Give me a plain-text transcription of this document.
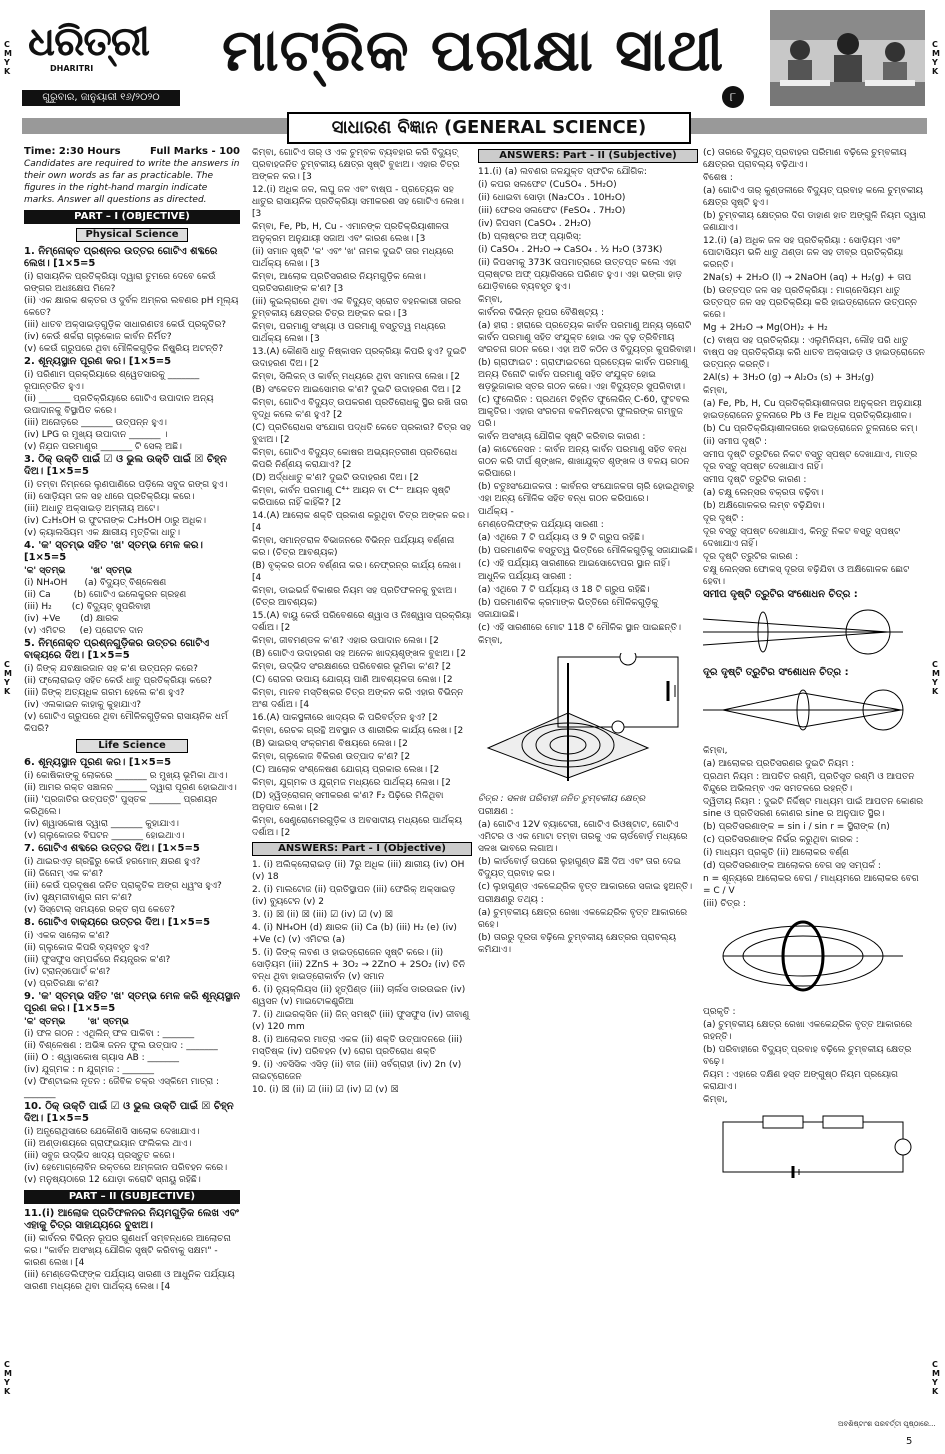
C
M
Y
K
C
M
Y
K
C
M
Y
K
C
M
Y
K
C
M
Y
K
C
M
Y
K
ଧରିତ୍ରୀ
DHARITRI
ଗୁରୁବାର, ଜାନୁୟାରୀ ୧୬/୨୦୨୦
ମାଟ୍ରିକ ପରୀକ୍ଷା ସାଥୀ
୮
ସାଧାରଣ ବିଜ୍ଞାନ (GENERAL SCIENCE)
Time: 2:30 Hours	Full Marks - 100
Candidates are required to write the answers in their own words as far as practicable. The figures in the right-hand margin indicate marks. Answer all questions as directed.
PART – I (OBJECTIVE)
Physical Science
1. ନିମ୍ନୋକ୍ତ ପ୍ରଶ୍ନର ଉତ୍ତର ଗୋଟିଏ ଶବ୍ଦରେ ଲେଖ। [1×5=5
(i) ରାସାୟନିକ ପ୍ରତିକ୍ରିୟା ଦ୍ୱାରା ତୁମରେ ଦେବେ କେଉଁ ରଙ୍ଗର ଅଧଃକ୍ଷେପ ମିଳେ?
(ii) ଏକ କ୍ଷାରକ ଶକ୍ତର ଓ ଦୁର୍ବଳ ଅମ୍ଳର ଲବଣର pH ମୂଲ୍ୟ କେତେ?
(iii) ଧାତବ ଅକ୍ସାଇଡ଼ଗୁଡ଼ିକ ସାଧାରଣତଃ କେଉଁ ପ୍ରକୃତିର?
(iv) କେଉଁ ଶର୍କରା ଗ୍ଲୁକୋଜ କାର୍ବନ ନିର୍ମିତ?
(v) କେଉଁ ଗ୍ରୁପରେ ଥିବା ମୌଳିକଗୁଡ଼ିକ ନିଷ୍କ୍ରିୟ ଅଟନ୍ତି?
2. ଶୂନ୍ୟସ୍ଥାନ ପୂରଣ କର। [1×5=5
(i) ପରିଣାମ ପ୍ରକ୍ରିୟାରେ ଶ୍ୱେତସାରକୁ _______ ରୂପାନ୍ତରିତ ହୁଏ।
(ii) _______ ପ୍ରତିକ୍ରିୟାରେ ଗୋଟିଏ ଉପାଦାନ ଅନ୍ୟ ଉପାଦାନକୁ ବିସ୍ଥାପିତ କରେ।
(iii) ଅନୋଡ଼ରେ _______ ଉତ୍ପନ୍ନ ହୁଏ।
(iv) LPG ର ମୁଖ୍ୟ ଉପାଦାନ _______ ।
(v) ନିଯ଼ନ ପରମାଣୁର _______ ଟି ସେଲ୍ ଅଛି।
3. ଠିକ୍ ଉକ୍ତି ପାଇଁ ☑ ଓ ଭୁଲ ଉକ୍ତି ପାଇଁ ☒ ଚିହ୍ନ ଦିଅ। [1×5=5
(i) ତମ୍ବା ନିମ୍ନରେ ଲୁଣପାଣିରେ ପଡ଼ିଲେ ସବୁଜ ରଙ୍ଗ ହୁଏ।
(ii) ସୋଡ଼ିୟମ ଜଳ ସହ ଧୀରେ ପ୍ରତିକ୍ରିୟା କରେ।
(iii) ଅଧାତୁ ଅକ୍ସାଇଡ଼ ଅମ୍ଳୀୟ ଅଟେ।
(iv) C₂H₅OH ର ଫୁଟନାଙ୍କ C₂H₅OH ଠାରୁ ଅଧିକ।
(v) କ୍ୟାଲସିୟମ ଏକ କ୍ଷାରୀୟ ମୃତ୍ତିକା ଧାତୁ।
4. 'କ' ସ୍ତମ୍ଭ ସହିତ 'ଖ' ସ୍ତମ୍ଭ ମେଳ କର। [1×5=5
'କ' ସ୍ତମ୍ଭ        'ଖ' ସ୍ତମ୍ଭ
(i) NH₄OH      (a) ବିଦ୍ୟୁତ୍ ବିଶ୍ଳେଷଣ
(ii) Ca        (b) ଗୋଟିଏ ଇଲେକ୍ଟ୍ରନ ଗ୍ରହଣ
(iii) H₂       (c) ବିଦ୍ୟୁତ୍ ସୁପରିବାହୀ
(iv) +Ve       (d) କ୍ଷାରକ
(v) ଏମିଟର     (e) ପ୍ରୋଟନ ଦାନ
5. ନିମ୍ନୋକ୍ତ ପ୍ରଶ୍ନଗୁଡ଼ିକର ଉତ୍ତର ଗୋଟିଏ ବାକ୍ୟରେ ଦିଅ। [1×5=5
(i) ଜିଙ୍କ୍ ଯବକ୍ଷାରଜାନ ସହ କ'ଣ ଉତ୍ପନ୍ନ କରେ?
(ii) ଫ୍ଲୋରାଇଡ଼ ସହିତ କେଉଁ ଧାତୁ ପ୍ରତିକ୍ରିୟା କରେ?
(iii) ଜିଙ୍କ୍ ଅତ୍ୟଧିକ ଗରମ ହେଲେ କ'ଣ ହୁଏ?
(iv) ଏଲକାଇନ କାହାକୁ କୁହାଯାଏ?
(v) ଗୋଟିଏ ଗ୍ରୁପରେ ଥିବା ମୌଳିକଗୁଡ଼ିକର ରାସାୟନିକ ଧର୍ମ କିପରି?
Life Science
6. ଶୂନ୍ୟସ୍ଥାନ ପୂରଣ କର। [1×5=5
(i) କୋଷିକାଙ୍କୁ ଲୋକରେ _______ ର ମୁଖ୍ୟ ଭୂମିକା ଥାଏ।
(ii) ଆମର ରକ୍ତ ସଞ୍ଚାଳନ _______ ଦ୍ୱାରା ପୂରଣ ହୋଇଥାଏ।
(iii) 'ପ୍ରଜାତିର ଉତ୍ପତ୍ତି' ପୁସ୍ତକ _______ ପ୍ରଣୟନ କରିଥିଲେ।
(iv) ଶ୍ୱାସକୋଷ ଦ୍ୱାରା _______ କୁହାଯାଏ।
(v) ଗ୍ଲୁକୋଜର ବିଘଟନ _______ ହୋଇଥାଏ।
7. ଗୋଟିଏ ଶବ୍ଦରେ ଉତ୍ତର ଦିଅ। [1×5=5
(i) ଥାଇରଏଡ଼ ଗ୍ରନ୍ଥିରୁ କେଉଁ ହରମୋନ୍ କ୍ଷରଣ ହୁଏ?
(ii) ଜିନୋମ୍ ଏକ କ'ଣ?
(iii) କେଉଁ ପ୍ରଦୂଷଣ ଜନିତ ପ୍ରାକୃତିକ ଅଙ୍ଗ ଧ୍ୱଂସ ହୁଏ?
(iv) ସୁକ୍ଷ୍ମଜୀବାଣୁର ନାମ କ'ଣ?
(v) ସିସ୍ଟୋଲ୍ ସମୟରେ ରକ୍ତ ଚାପ କେତେ?
8. ଗୋଟିଏ ବାକ୍ୟରେ ଉତ୍ତର ଦିଅ। [1×5=5
(i) ଏକକ ସାଲୋକ କ'ଣ?
(ii) ଗ୍ଲୁକୋଜ କିପରି ବ୍ୟବହୃତ ହୁଏ?
(iii) ଫୁସଫୁସ ସମ୍ପର୍କରେ ନିୟନ୍ତ୍ରକ କ'ଣ?
(iv) ଟ୍ରାନ୍ସପୋର୍ଟ କ'ଣ?
(v) ପ୍ରତିରକ୍ଷା କ'ଣ?
9. 'କ' ସ୍ତମ୍ଭ ସହିତ 'ଖ' ସ୍ତମ୍ଭ ମେଳ କରି ଶୂନ୍ୟସ୍ଥାନ ପୂରଣ କର। [1×5=5
'କ' ସ୍ତମ୍ଭ       'ଖ' ସ୍ତମ୍ଭ
(i) ଫଳ ଗଠନ : ଏଥିଲିନ୍ ଫଳ ପାକିବା : _______
(ii) ବିଶ୍ଳେଷଣ : ଅଭିଜ୍ଞ ଜନନ ଫୁଲ ଉତ୍ପାଦ : _______
(iii) O : ଶ୍ୱାସକୋଷ ଗ୍ୟାସ AB : _______
(iv) ଯୁଗ୍ମକ : n ଯୁଗ୍ମଜ : _______
(v) ଫିଣ୍ଟାଇଲ ନୂତନ : ଜୈବିକ ଚକ୍ର ଏସ୍କିମେ ମାତ୍ରା : _______
10. ଠିକ୍ ଉକ୍ତି ପାଇଁ ☑ ଓ ଭୁଲ ଉକ୍ତି ପାଇଁ ☒ ଚିହ୍ନ ଦିଅ। [1×5=5
(i) ଅନ୍ଧ୍ରୋଥିସାରେ ଯେକୌଣସି ସାଲୋକ ଦେଖାଯାଏ।
(ii) ଅଣ୍ଡାଶୟରେ ଗ୍ରାଫ୍ଇୟାନ ଫଲିକଲ ଥାଏ।
(iii) ସବୁଜ ଉଦ୍ଭିଦ ଖାଦ୍ୟ ପ୍ରସ୍ତୁତ କରେ।
(iv) ହେମୋଗ୍ଲୋବିନ ରକ୍ତରେ ଅମ୍ଳଜାନ ପରିବହନ କରେ।
(v) ମନୁଷ୍ୟଠାରେ 12 ଯୋଡ଼ା କରୋଟି ସ୍ନାୟୁ ରହିଛି।
PART – II (SUBJECTIVE)
11.(i) ଆଲୋକ ପ୍ରତିଫଳନର ନିୟମଗୁଡ଼ିକ ଲେଖ ଏବଂ ଏହାକୁ ଚିତ୍ର ସାହାଯ୍ୟରେ ବୁଝାଅ।
(ii) କାର୍ବନର ବିଭିନ୍ନ ରୂପର ଗୁଣଧର୍ମ ସମ୍ବନ୍ଧରେ ଆଲୋଚନା କର। "କାର୍ବନ ଅସଂଖ୍ୟ ଯୌଗିକ ସୃଷ୍ଟି କରିବାକୁ ସକ୍ଷମ" - କାରଣ ଲେଖ। [4
(iii) ମେଣ୍ଡେଲିଫ୍ଙ୍କ ପର୍ଯ୍ୟାୟ ସାରଣୀ ଓ ଆଧୁନିକ ପର୍ଯ୍ୟାୟ ସାରଣୀ ମଧ୍ୟରେ ଥିବା ପାର୍ଥକ୍ୟ ଲେଖ। [4
କିମ୍ବା, ଗୋଟିଏ ତାର୍ ଓ ଏକ ଚୁମ୍ବକ ବ୍ୟବହାର କରି ବିଦ୍ୟୁତ୍ ପ୍ରବାହଜନିତ ଚୁମ୍ବକୀୟ କ୍ଷେତ୍ର ସୃଷ୍ଟି ବୁଝାଅ। ଏହାର ଚିତ୍ର ଅଙ୍କନ କର। [3
12.(i) ଅଧିକ ଜଳ, ଲଘୁ ଜଳ ଏବଂ ବାଷ୍ପ - ପ୍ରତ୍ୟେକ ସହ ଧାତୁର ରାସାୟନିକ ପ୍ରତିକ୍ରିୟା ସମୀକରଣ ସହ ଗୋଟିଏ ଲେଖ। [3
କିମ୍ବା, Fe, Pb, H, Cu - ଏମାନଙ୍କ ପ୍ରତିକ୍ରିୟାଶୀଳତା ଅନୁକ୍ରମ ଅନୁଯାୟୀ ସଜାଅ ଏବଂ କାରଣ ଲେଖ। [3
(ii) ସମାନ ସୃଷ୍ଟି 'କ' ଏବଂ 'ଖ' ନାମକ ଦୁଇଟି ତାର ମଧ୍ୟରେ ପାର୍ଥକ୍ୟ ଲେଖ। [3
କିମ୍ବା, ଆଲୋକ ପ୍ରତିସରଣର ନିୟମଗୁଡ଼ିକ ଲେଖ। ପ୍ରତିସରଣାଙ୍କ କ'ଣ? [3
(iii) କୁଇଲ୍ରାରେ ଥିବା ଏକ ବିଦ୍ୟୁତ୍ ସ୍ରୋତ ବହନକାରୀ ତାରର ଚୁମ୍ବକୀୟ କ୍ଷେତ୍ରର ଚିତ୍ର ଅଙ୍କନ କର। [3
କିମ୍ବା, ପରମାଣୁ ସଂଖ୍ୟା ଓ ପରମାଣୁ ବସ୍ତୁତ୍ୱ ମଧ୍ୟରେ ପାର୍ଥକ୍ୟ ଲେଖ। [3
13.(A) କୌଣସି ଧାତୁ ନିଷ୍କାସନ ପ୍ରକ୍ରିୟା କିପରି ହୁଏ? ଦୁଇଟି ଉଦାହରଣ ଦିଅ। [2
କିମ୍ବା, ସିଲିକନ୍ ଓ କାର୍ବନ୍ ମଧ୍ୟରେ ଥିବା ସମାନତା ଲେଖ। [2
(B) ସଂକେତନ ଆଇସୋମର କ'ଣ? ଦୁଇଟି ଉଦାହରଣ ଦିଅ। [2
କିମ୍ବା, ଗୋଟିଏ ବିଦ୍ୟୁତ୍ ଉପକରଣ ପ୍ରତିରୋଧକୁ ସ୍ଥିର ରଖି ତାର ବୃଦ୍ଧି କଲେ କ'ଣ ହୁଏ? [2
(C) ପ୍ରତିରୋଧର ସଂଯୋଗ ପଦ୍ଧତି କେତେ ପ୍ରକାର? ଚିତ୍ର ସହ ବୁଝାଅ। [2
କିମ୍ବା, ଗୋଟିଏ ବିଦ୍ୟୁତ୍ କୋଷର ଅଭ୍ୟନ୍ତରୀଣ ପ୍ରତିରୋଧ କିପରି ନିର୍ଣ୍ଣୟ କରାଯାଏ? [2
(D) ଅର୍ଦ୍ଧଧାତୁ କ'ଣ? ଦୁଇଟି ଉଦାହରଣ ଦିଅ। [2
କିମ୍ବା, କାର୍ବନ ପରମାଣୁ C⁴⁺ ଆୟନ ବା C⁴⁻ ଆୟନ ସୃଷ୍ଟି କରିପାରେ ନାହିଁ କାହିଁକି? [2
14.(A) ଆଲୋକ ଶକ୍ତି ପ୍ରକାଶ କରୁଥିବା ଚିତ୍ର ଅଙ୍କନ କର। [4
କିମ୍ବା, ସମାନ୍ତରାଳ ବିଭାଜନରେ ବିଭିନ୍ନ ପର୍ଯ୍ୟାୟ ବର୍ଣ୍ଣନା କର। (ଚିତ୍ର ଆବଶ୍ୟକ)
(B) ବୃକ୍କର ଗଠନ ବର୍ଣ୍ଣନା କର। ନେଫ୍ରନ୍ର କାର୍ଯ୍ୟ ଲେଖ। [4
କିମ୍ବା, ଡାଇଭର୍ଜ ବିକାଶର ନିୟମ ସହ ପ୍ରତିଫଳନକୁ ବୁଝାଅ। (ଚିତ୍ର ଆବଶ୍ୟକ)
15.(A) ବାୟୁ କେଉଁ ପରିବେଶରେ ଶ୍ୱାସ ଓ ନିଃଶ୍ୱାସ ପ୍ରକ୍ରିୟା ଦର୍ଶାଅ। [2
କିମ୍ବା, ଜୀବମଣ୍ଡଳ କ'ଣ? ଏହାର ଉପାଦାନ ଲେଖ। [2
(B) ଗୋଟିଏ ଉଦାହରଣ ସହ ଅନେକ ଖାଦ୍ୟଶୃଙ୍ଖଳ ବୁଝାଅ। [2
କିମ୍ବା, ଉଦ୍ଭିଦ ସଂରକ୍ଷଣରେ ପରିବେଶର ଭୂମିକା କ'ଣ? [2
(C) ରୋଜର ଉପାୟ ଯୋଗ୍ୟ ପାଣି ଆବଶ୍ୟକତା ଲେଖ। [2
କିମ୍ବା, ମାନବ ମସ୍ତିଷ୍କର ଚିତ୍ର ଅଙ୍କନ କରି ଏହାର ବିଭିନ୍ନ ଅଂଶ ଦର୍ଶାଅ। [4
16.(A) ପାକସ୍ଥଳୀରେ ଖାଦ୍ୟର କି ପରିବର୍ତ୍ତନ ହୁଏ? [2
କିମ୍ବା, ରେଚକ ଗ୍ରନ୍ଥି ଅବସ୍ଥାନ ଓ ଶାରୀରିକ କାର୍ଯ୍ୟ ଲେଖ। [2
(B) ଭାଇରସ୍ ସଂକ୍ରମଣ ବିଷୟରେ ଲେଖ। [2
କିମ୍ବା, ଗ୍ଲୁକୋଜ ବିକିରଣ ଉତ୍ପାଦ କ'ଣ? [2
(C) ଆଲୋକ ସଂଶ୍ଳେଷଣ ଯୋଗ୍ୟ ପ୍ରକାର ଲେଖ। [2
କିମ୍ବା, ଯୁଗ୍ମକ ଓ ଯୁଗ୍ମଜ ମଧ୍ୟରେ ପାର୍ଥକ୍ୟ ଲେଖ। [2
(D) ହ୍ୱିଡ୍ରୋଗନ୍ ସମୀକରଣ କ'ଣ? F₂ ପିଢ଼ିରେ ମିଳିଥିବା ଅନୁପାତ ଲେଖ। [2
କିମ୍ବା, ସେଣ୍ଟ୍ରୋମେରଗୁଡ଼ିକ ଓ ଅବସାଦୀୟ ମଧ୍ୟରେ ପାର୍ଥକ୍ୟ ଦର୍ଶାଅ। [2
ANSWERS: Part - I (Objective)
1. (i) ଅଲିକ୍ଲୋରାଇଡ଼ (ii) 7ରୁ ଅଧିକ (iii) କ୍ଷାରୀୟ (iv) OH (v) 18
2. (i) ମାଲଟୋଜ (ii) ପ୍ରତିସ୍ଥାପନ (iii) ଫେରିକ୍ ଅକ୍ସାଇଡ଼ (iv) ବ୍ୟୁଟେନ (v) 2
3. (i) ☒ (ii) ☒ (iii) ☑ (iv) ☑ (v) ☒
4. (i) NH₄OH (d) କ୍ଷାରକ (ii) Ca (b) (iii) H₂ (e) (iv) +Ve (c) (v) ଏମିଟର (a)
5. (i) ଜିଙ୍କ୍ ଲବଣ ଓ ହାଇଡ୍ରୋଜେନ ସୃଷ୍ଟି କରେ। (ii) ସୋଡ଼ିୟମ (iii) 2ZnS + 3O₂ → 2ZnO + 2SO₂ (iv) ତିନି ବନ୍ଧ ଥିବା ହାଇଡ୍ରୋକାର୍ବନ (v) ସମାନ
6. (i) ନ୍ୟୁକ୍ଲିୟସ (ii) ହୃତ୍ପିଣ୍ଡ (iii) ଚାର୍ଲସ ଡାରଉଇନ (iv) ଶ୍ୱସନ (v) ମାଇଟୋକଣ୍ଡ୍ରିଆ
7. (i) ଥାଇରକ୍ସିନ (ii) ଜିନ୍ ସମଷ୍ଟି (iii) ଫୁସଫୁସ (iv) ଜୀବାଣୁ (v) 120 mm
8. (i) ଆଲୋକର ମାତ୍ରା ଏକକ (ii) ଶକ୍ତି ଉତ୍ପାଦନରେ (iii) ମସ୍ତିଷ୍କ (iv) ପରିବହନ (v) ରୋଗ ପ୍ରତିରୋଧ ଶକ୍ତି
9. (i) ଏବସିସିକ ଏସିଡ଼ (ii) ବୀଜ (iii) ସର୍ବଗ୍ରାହୀ (iv) 2n (v) ନାଇଟ୍ରୋଜେନ
10. (i) ☒ (ii) ☑ (iii) ☑ (iv) ☑ (v) ☒
ANSWERS: Part - II (Subjective)
11.(i) (a) ଲବଣର ଜଳଯୁକ୍ତ ସ୍ଫଟିକ ଯୌଗିକ:
(i) କପର ସଲଫେଟ (CuSO₄ . 5H₂O)
(ii) ଧୋଇବା ସୋଡ଼ା (Na₂CO₃ . 10H₂O)
(iii) ଫେରସ ସଲଫେଟ (FeSO₄ . 7H₂O)
(iv) ଜିପସମ (CaSO₄ . 2H₂O)
(b) ପ୍ଲାଷ୍ଟର ଅଫ୍ ପ୍ୟାରିସ୍:
(i) CaSO₄ . 2H₂O → CaSO₄ . ½ H₂O (373K)
(ii) ଜିପସମକୁ 373K ତାପମାତ୍ରାରେ ଉତ୍ତପ୍ତ କଲେ ଏହା ପ୍ଲାଷ୍ଟର ଅଫ୍ ପ୍ୟାରିସରେ ପରିଣତ ହୁଏ। ଏହା ଭଙ୍ଗା ହାଡ଼ ଯୋଡ଼ିବାରେ ବ୍ୟବହୃତ ହୁଏ।
କିମ୍ବା,
କାର୍ବନର ବିଭିନ୍ନ ରୂପର ବୈଶିଷ୍ଟ୍ୟ :
(a) ହୀରା : ହୀରାରେ ପ୍ରତ୍ୟେକ କାର୍ବନ ପରମାଣୁ ଅନ୍ୟ ଚାରୋଟି କାର୍ବନ ପରମାଣୁ ସହିତ ସଂଯୁକ୍ତ ହୋଇ ଏକ ଦୃଢ଼ ତ୍ରିବିମୀୟ ସଂରଚନା ଗଠନ କରେ। ଏହା ଅତି କଠିନ ଓ ବିଦ୍ୟୁତ୍ର କୁପରିବାହୀ।
(b) ଗ୍ରାଫାଇଟ : ଗ୍ରାଫାଇଟରେ ପ୍ରତ୍ୟେକ କାର୍ବନ ପରମାଣୁ ଅନ୍ୟ ତିନୋଟି କାର୍ବନ ପରମାଣୁ ସହିତ ସଂଯୁକ୍ତ ହୋଇ ଷଡ଼ଭୁଜାକାର ସ୍ତର ଗଠନ କରେ। ଏହା ବିଦ୍ୟୁତ୍ର ସୁପରିବାହୀ।
(c) ଫୁଲେରିନ : ପ୍ରଥମେ ଚିହ୍ନିତ ଫୁଲେରିନ୍ C-60, ଫୁଟବଲ ଆକୃତିର। ଏହାର ସଂରଚନା ବକମିନଷ୍ଟର ଫୁଲରଙ୍କ ଗମ୍ବୁଜ ପରି।
କାର୍ବନ ଅସଂଖ୍ୟ ଯୌଗିକ ସୃଷ୍ଟି କରିବାର କାରଣ :
(a) କାଟେନେସନ : କାର୍ବନ ଅନ୍ୟ କାର୍ବନ ପରମାଣୁ ସହିତ ବନ୍ଧ ଗଠନ କରି ଦୀର୍ଘ ଶୃଙ୍ଖଳ, ଶାଖାଯୁକ୍ତ ଶୃଙ୍ଖଳ ଓ ବଳୟ ଗଠନ କରିପାରେ।
(b) ଚତୁଃସଂଯୋଜକତା : କାର୍ବନର ସଂଯୋଜକତା ଚାରି ହୋଇଥିବାରୁ ଏହା ଅନ୍ୟ ମୌଳିକ ସହିତ ବନ୍ଧ ଗଠନ କରିପାରେ।
ପାର୍ଥକ୍ୟ -
ମେଣ୍ଡେଲିଫ୍ଙ୍କ ପର୍ଯ୍ୟାୟ ସାରଣୀ :
(a) ଏଥିରେ 7 ଟି ପର୍ଯ୍ୟାୟ ଓ 9 ଟି ଗ୍ରୁପ ରହିଛି।
(b) ପରମାଣବିକ ବସ୍ତୁତ୍ୱ ଭିତ୍ତିରେ ମୌଳିକଗୁଡ଼ିକୁ ସଜାଯାଇଛି।
(c) ଏହି ପର୍ଯ୍ୟାୟ ସାରଣୀରେ ଆଇସୋଟୋପର ସ୍ଥାନ ନାହିଁ।
ଆଧୁନିକ ପର୍ଯ୍ୟାୟ ସାରଣୀ :
(a) ଏଥିରେ 7 ଟି ପର୍ଯ୍ୟାୟ ଓ 18 ଟି ଗ୍ରୁପ ରହିଛି।
(b) ପରମାଣବିକ କ୍ରମାଙ୍କ ଭିତ୍ତିରେ ମୌଳିକଗୁଡ଼ିକୁ ସଜାଯାଇଛି।
(c) ଏହି ସାରଣୀରେ ମୋଟ 118 ଟି ମୌଳିକ ସ୍ଥାନ ପାଇଛନ୍ତି।
କିମ୍ବା,
ଚିତ୍ର : ସଳଖ ପରିବାହୀ ଜନିତ ଚୁମ୍ବକୀୟ କ୍ଷେତ୍ର
ପରୀକ୍ଷଣ :
(a) ଗୋଟିଏ 12V ବ୍ୟାଟେରୀ, ଗୋଟିଏ ରିଓଷ୍ଟାଟ, ଗୋଟିଏ ଏମିଟର ଓ ଏକ ମୋଟା ତମ୍ବା ତାରକୁ ଏକ ଚାର୍ଡବୋର୍ଡ଼ ମଧ୍ୟରେ ସଳଖ ଭାବରେ ଲଗାଅ।
(b) କାର୍ଡବୋର୍ଡ଼ ଉପରେ ଲୁହାଗୁଣ୍ଡ ଛିଞ୍ଚି ଦିଅ ଏବଂ ତାର ଦେଇ ବିଦ୍ୟୁତ୍ ପ୍ରବାହ କର।
(c) ଲୁହାଗୁଣ୍ଡ ଏକକେନ୍ଦ୍ରିକ ବୃତ୍ତ ଆକାରରେ ସଜାଇ ହୁଅନ୍ତି।
ପରୀକ୍ଷଣରୁ ତଥ୍ୟ :
(a) ଚୁମ୍ବକୀୟ କ୍ଷେତ୍ର ରେଖା ଏକକେନ୍ଦ୍ରିକ ବୃତ୍ତ ଆକାରରେ ରହେ।
(b) ତାରରୁ ଦୂରତା ବଢ଼ିଲେ ଚୁମ୍ବକୀୟ କ୍ଷେତ୍ରର ପ୍ରାବଲ୍ୟ କମିଯାଏ।
(c) ତାରରେ ବିଦ୍ୟୁତ୍ ପ୍ରବାହର ପରିମାଣ ବଢ଼ିଲେ ଚୁମ୍ବକୀୟ କ୍ଷେତ୍ରର ପ୍ରାବଲ୍ୟ ବଢ଼ିଥାଏ।
ବିଶେଷ :
(a) ଗୋଟିଏ ତାର୍ କୁଣ୍ଡଳୀରେ ବିଦ୍ୟୁତ୍ ପ୍ରବାହ କଲେ ଚୁମ୍ବକୀୟ କ୍ଷେତ୍ର ସୃଷ୍ଟି ହୁଏ।
(b) ଚୁମ୍ବକୀୟ କ୍ଷେତ୍ରର ଦିଗ ଡାହାଣ ହାତ ଅଙ୍ଗୁଳି ନିୟମ ଦ୍ୱାରା ଜଣାଯାଏ।
12.(i) (a) ଅଧିକ ଜଳ ସହ ପ୍ରତିକ୍ରିୟା : ସୋଡ଼ିୟମ ଏବଂ ପୋଟାସିୟମ ଭଳି ଧାତୁ ଥଣ୍ଡା ଜଳ ସହ ତୀବ୍ର ପ୍ରତିକ୍ରିୟା କରନ୍ତି।
2Na(s) + 2H₂O (l) → 2NaOH (aq) + H₂(g) + ତାପ
(b) ଉତ୍ତପ୍ତ ଜଳ ସହ ପ୍ରତିକ୍ରିୟା : ମାଗ୍ନେସିୟମ ଧାତୁ ଉତ୍ତପ୍ତ ଜଳ ସହ ପ୍ରତିକ୍ରିୟା କରି ହାଇଡ୍ରୋଜେନ ଉତ୍ପନ୍ନ କରେ।
Mg + 2H₂O → Mg(OH)₂ + H₂
(c) ବାଷ୍ପ ସହ ପ୍ରତିକ୍ରିୟା : ଏଲୁମିନିୟମ, ଲୌହ ପରି ଧାତୁ ବାଷ୍ପ ସହ ପ୍ରତିକ୍ରିୟା କରି ଧାତବ ଅକ୍ସାଇଡ଼ ଓ ହାଇଡ୍ରୋଜେନ ଉତ୍ପନ୍ନ କରନ୍ତି।
2Al(s) + 3H₂O (g) → Al₂O₃ (s) + 3H₂(g)
କିମ୍ବା,
(a) Fe, Pb, H, Cu ପ୍ରତିକ୍ରିୟାଶୀଳତାର ଅନୁକ୍ରମ ଅନୁଯାୟୀ ହାଇଡ୍ରୋଜେନ ତୁଳନାରେ Pb ଓ Fe ଅଧିକ ପ୍ରତିକ୍ରିୟାଶୀଳ।
(b) Cu ପ୍ରତିକ୍ରିୟାଶୀଳତାରେ ହାଇଡ୍ରୋଜେନ ତୁଳନାରେ କମ୍।
(ii) ସମୀପ ଦୃଷ୍ଟି :
ସମୀପ ଦୃଷ୍ଟି ତ୍ରୁଟିରେ ନିକଟ ବସ୍ତୁ ସ୍ପଷ୍ଟ ଦେଖାଯାଏ, ମାତ୍ର ଦୂର ବସ୍ତୁ ସ୍ପଷ୍ଟ ଦେଖାଯାଏ ନାହିଁ।
ସମୀପ ଦୃଷ୍ଟି ତ୍ରୁଟିର କାରଣ :
(a) ଚକ୍ଷୁ ଲେନ୍ସର ବକ୍ରତା ବଢ଼ିବା।
(b) ଅକ୍ଷିଗୋଳକର ଲମ୍ବ ବଢ଼ିଯିବା।
ଦୂର ଦୃଷ୍ଟି :
ଦୂର ବସ୍ତୁ ସ୍ପଷ୍ଟ ଦେଖାଯାଏ, କିନ୍ତୁ ନିକଟ ବସ୍ତୁ ସ୍ପଷ୍ଟ ଦେଖାଯାଏ ନାହିଁ।
ଦୂର ଦୃଷ୍ଟି ତ୍ରୁଟିର କାରଣ :
ଚକ୍ଷୁ ଲେନ୍ସର ଫୋକସ୍ ଦୂରତା ବଢ଼ିଯିବା ଓ ଅକ୍ଷିଗୋଳକ ଛୋଟ ହେବା।
ସମୀପ ଦୃଷ୍ଟି ତ୍ରୁଟିର ସଂଶୋଧନ ଚିତ୍ର :
ଦୂର ଦୃଷ୍ଟି ତ୍ରୁଟିର ସଂଶୋଧନ ଚିତ୍ର :
କିମ୍ବା,
(a) ଆଲୋକର ପ୍ରତିସରଣର ଦୁଇଟି ନିୟମ :
ପ୍ରଥମ ନିୟମ : ଆପତିତ ରଶ୍ମି, ପ୍ରତିସୃତ ରଶ୍ମି ଓ ଆପତନ ବିନ୍ଦୁରେ ଅଭିଲମ୍ବ ଏକ ସମତଳରେ ରହନ୍ତି।
ଦ୍ୱିତୀୟ ନିୟମ : ଦୁଇଟି ନିର୍ଦ୍ଦିଷ୍ଟ ମାଧ୍ୟମ ପାଇଁ ଆପତନ କୋଣର sine ଓ ପ୍ରତିସରଣ କୋଣର sine ର ଅନୁପାତ ସ୍ଥିର।
(b) ପ୍ରତିସରଣାଙ୍କ = sin i / sin r = ସ୍ଥିରାଙ୍କ (n)
(c) ପ୍ରତିସରଣାଙ୍କ ନିର୍ଭର କରୁଥିବା କାରକ :
(i) ମାଧ୍ୟମ ପ୍ରକୃତି (ii) ଆଲୋକର ବର୍ଣ୍ଣ
(d) ପ୍ରତିସରଣାଙ୍କ ଆଲୋକର ବେଗ ସହ ସମ୍ପର୍କ :
n = ଶୂନ୍ୟରେ ଆଲୋକର ବେଗ / ମାଧ୍ୟମରେ ଆଲୋକର ବେଗ = C / V
(iii) ଚିତ୍ର :
ପ୍ରକୃତି :
(a) ଚୁମ୍ବକୀୟ କ୍ଷେତ୍ର ରେଖା ଏକକେନ୍ଦ୍ରିକ ବୃତ୍ତ ଆକାରରେ ରହନ୍ତି।
(b) ପରିବାହୀରେ ବିଦ୍ୟୁତ୍ ପ୍ରବାହ ବଢ଼ିଲେ ଚୁମ୍ବକୀୟ କ୍ଷେତ୍ର ବଢ଼େ।
ନିୟମ : ଏହାରେ ଦକ୍ଷିଣ ହସ୍ତ ଅଙ୍ଗୁଷ୍ଠ ନିୟମ ପ୍ରୟୋଗ କରାଯାଏ।
କିମ୍ବା,
ଅବଶିଷ୍ଟାଂଶ ପରବର୍ତ୍ତୀ ପୃଷ୍ଠାରେ...
5
